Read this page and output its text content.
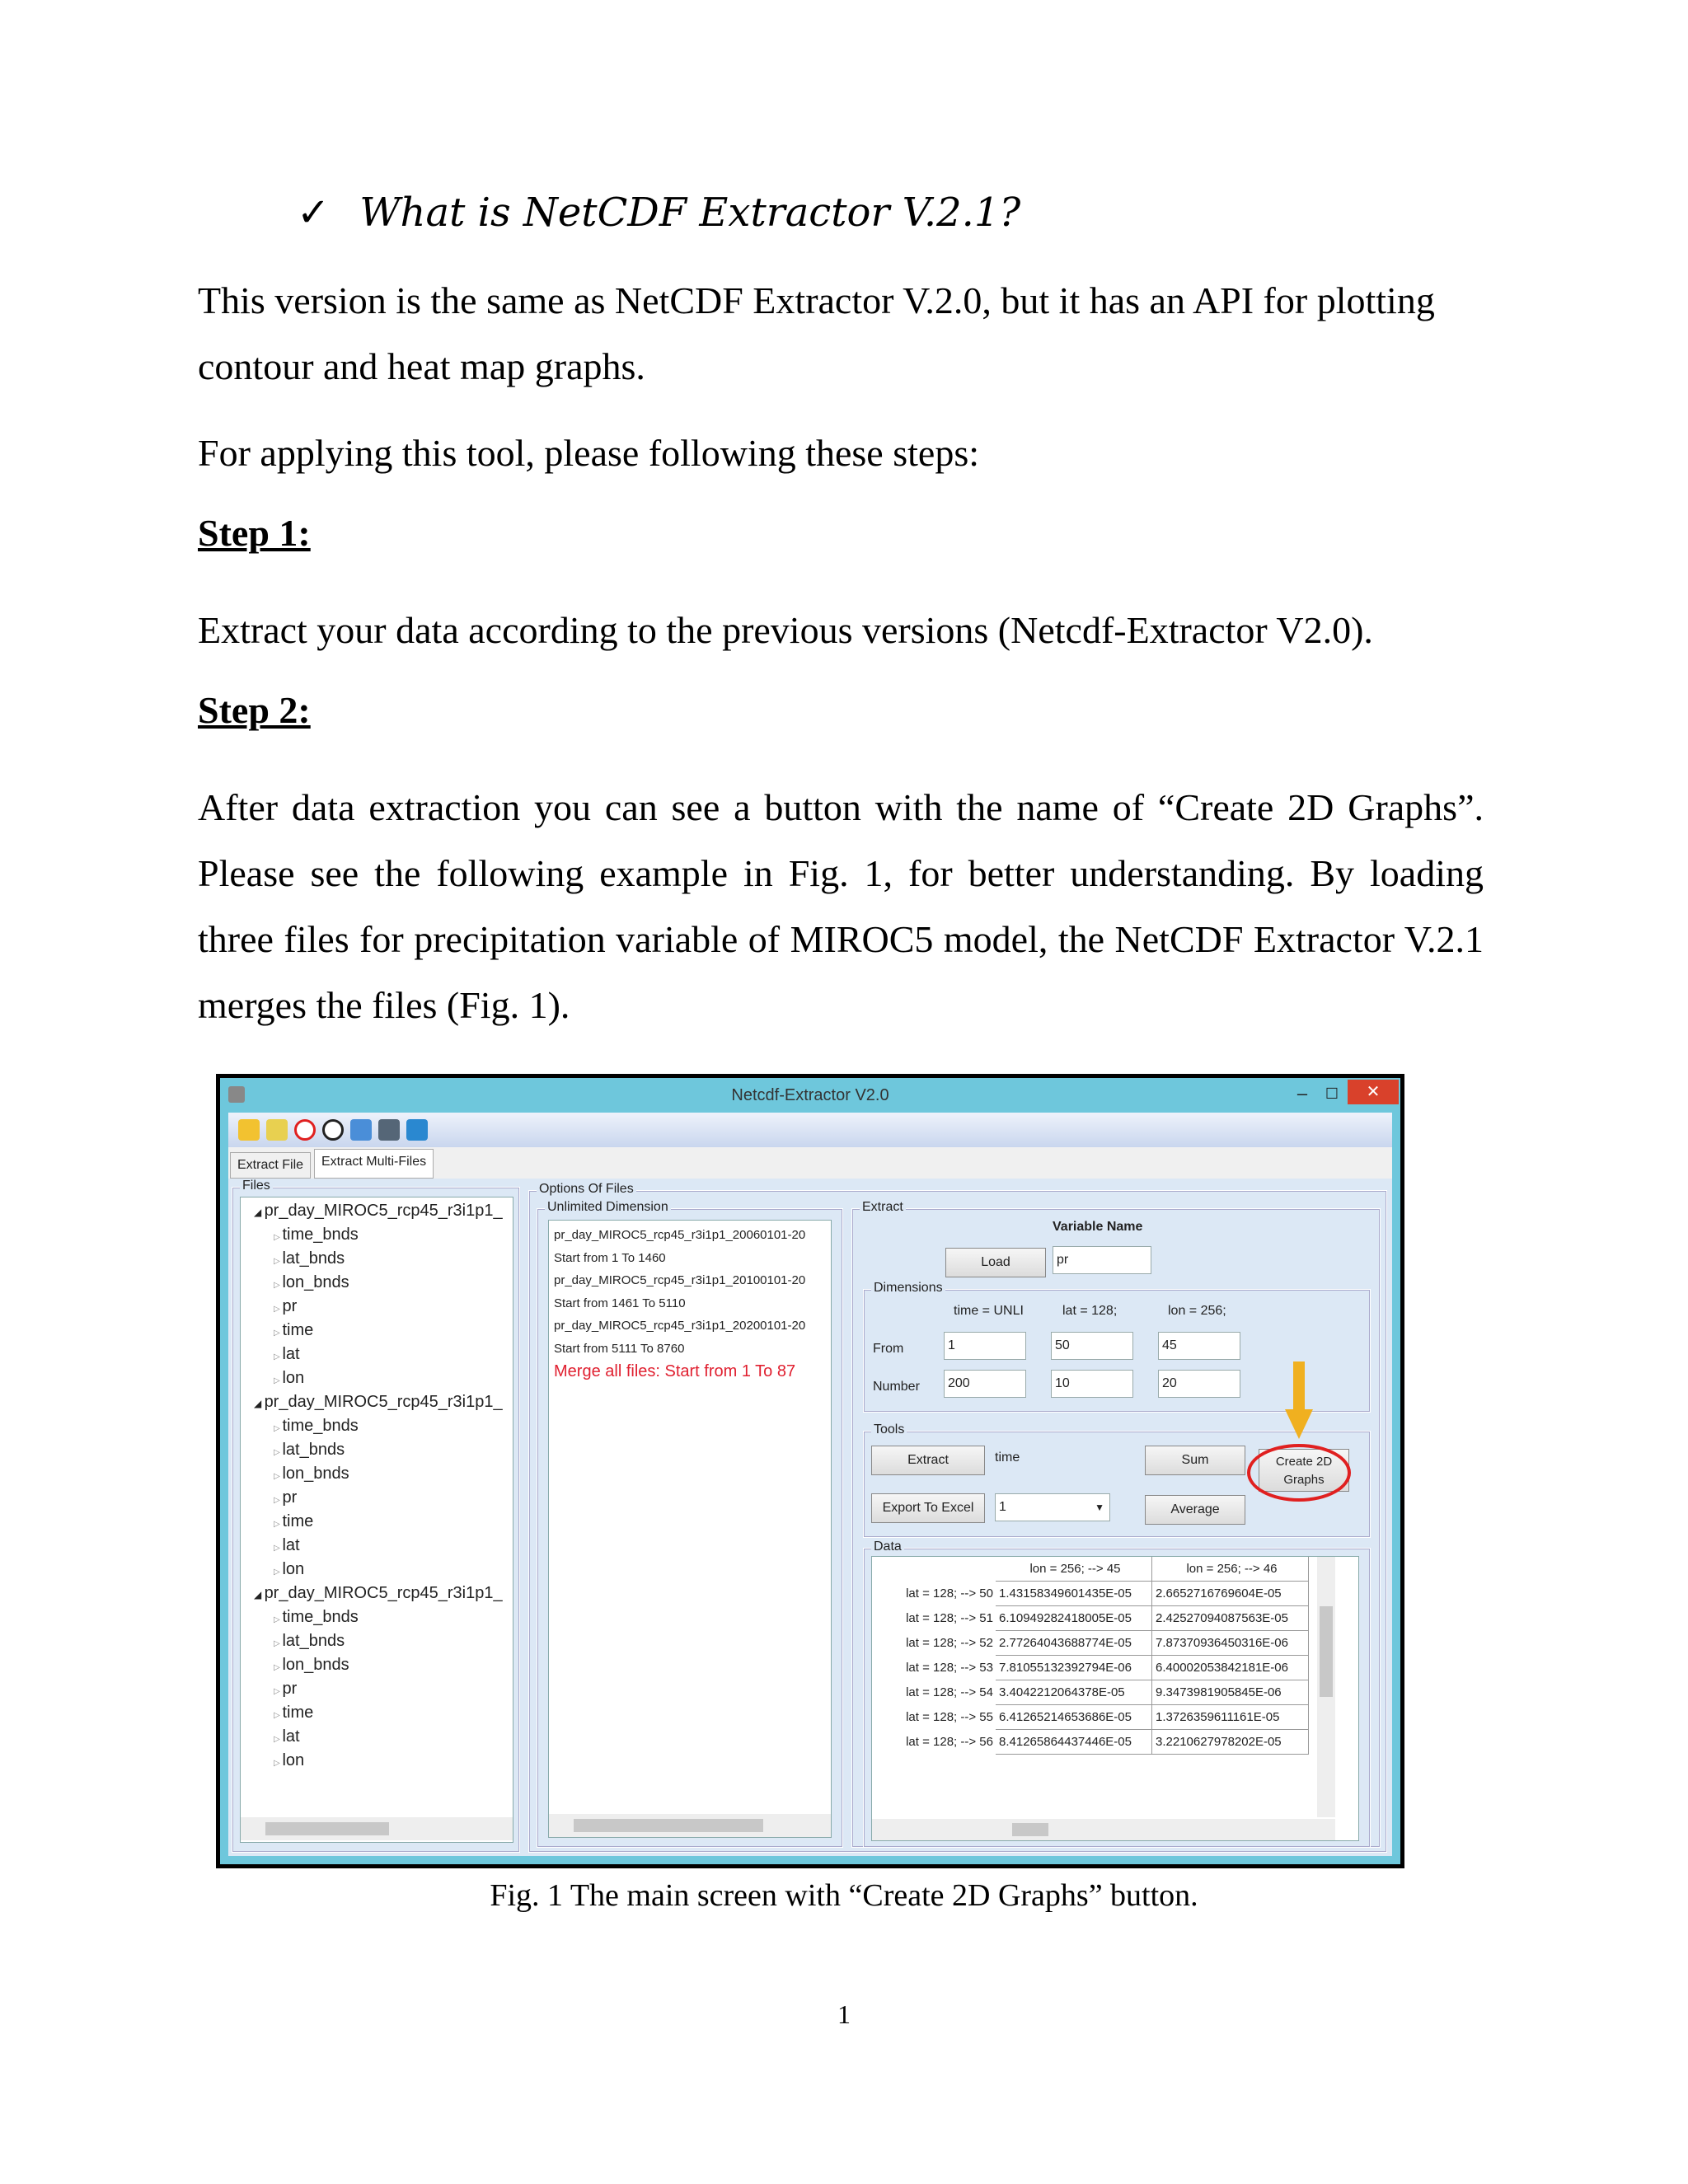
✓ What is NetCDF Extractor V.2.1?
This version is the same as NetCDF Extractor V.2.0, but it has an API for plotting contour and heat map graphs.
For applying this tool, please following these steps:
Step 1:
Extract your data according to the previous versions (Netcdf-Extractor V2.0).
Step 2:
After data extraction you can see a button with the name of “Create 2D Graphs”. Please see the following example in Fig. 1, for better understanding. By loading three files for precipitation variable of MIROC5 model, the NetCDF Extractor V.2.1 merges the files (Fig. 1).
Netcdf-Extractor V2.0	–	☐	✕
Extract File	Extract Multi-Files
Files
◢ pr_day_MIROC5_rcp45_r3i1p1_
▷ time_bnds
▷ lat_bnds
▷ lon_bnds
▷ pr
▷ time
▷ lat
▷ lon
◢ pr_day_MIROC5_rcp45_r3i1p1_
▷ time_bnds
▷ lat_bnds
▷ lon_bnds
▷ pr
▷ time
▷ lat
▷ lon
◢ pr_day_MIROC5_rcp45_r3i1p1_
▷ time_bnds
▷ lat_bnds
▷ lon_bnds
▷ pr
▷ time
▷ lat
▷ lon
Options Of Files
Unlimited Dimension
pr_day_MIROC5_rcp45_r3i1p1_20060101-20
Start from 1 To 1460
pr_day_MIROC5_rcp45_r3i1p1_20100101-20
Start from 1461 To 5110
pr_day_MIROC5_rcp45_r3i1p1_20200101-20
Start from 5111 To 8760
Merge all files: Start from 1 To 87
Extract
Variable Name
Load	pr
Dimensions
time = UNLI	lat = 128;	lon = 256;
From	1	50	45
Number	200	10	20
Tools
Extract	time	Sum	Create 2D Graphs
Export To Excel	1	▼	Average
Data
lon = 256; --> 45	lon = 256; --> 46
lat = 128; --> 50 1.43158349601435E-05	2.6652716769604E-05
lat = 128; --> 51 6.10949282418005E-05	2.42527094087563E-05
lat = 128; --> 52 2.77264043688774E-05	7.87370936450316E-06
lat = 128; --> 53 7.81055132392794E-06	6.40002053842181E-06
lat = 128; --> 54 3.4042212064378E-05	9.3473981905845E-06
lat = 128; --> 55 6.41265214653686E-05	1.3726359611161E-05
lat = 128; --> 56 8.41265864437446E-05	3.2210627978202E-05
Fig. 1 The main screen with “Create 2D Graphs” button.
1
